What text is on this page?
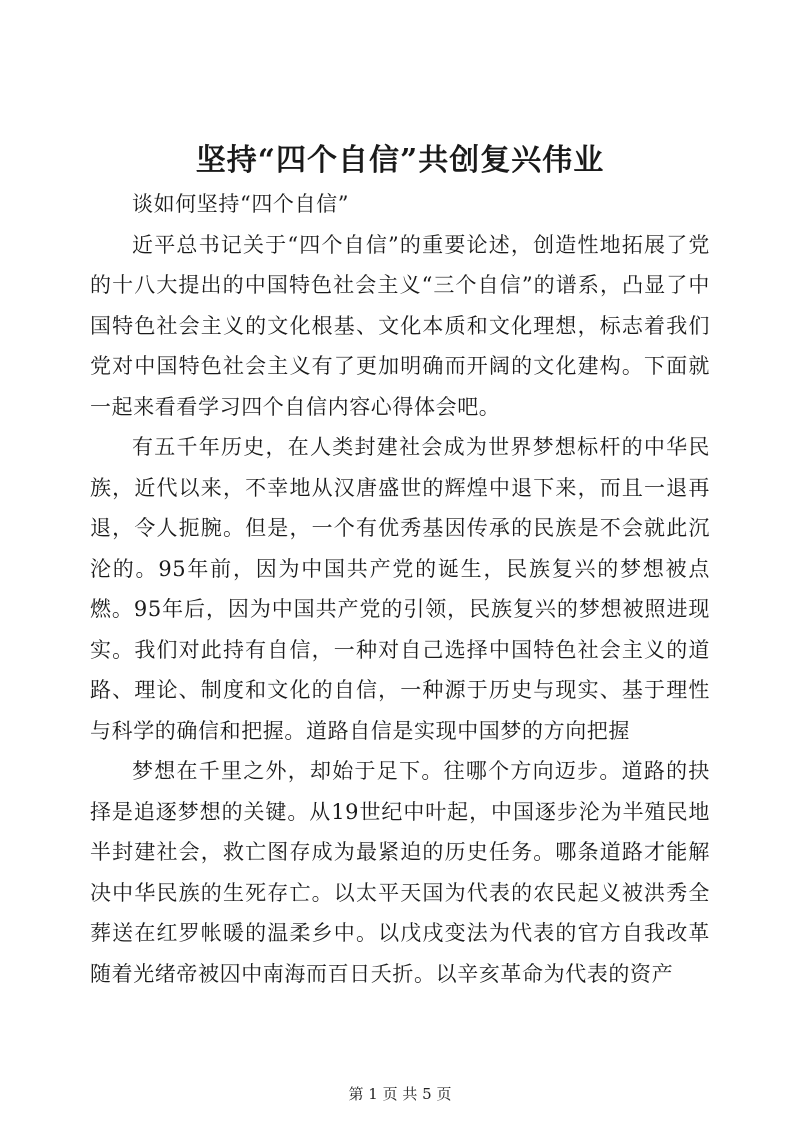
坚持“四个自信”共创复兴伟业

谈如何坚持“四个自信”

近平总书记关于“四个自信”的重要论述，创造性地拓展了党的十八大提出的中国特色社会主义“三个自信”的谱系，凸显了中国特色社会主义的文化根基、文化本质和文化理想，标志着我们党对中国特色社会主义有了更加明确而开阔的文化建构。下面就一起来看看学习四个自信内容心得体会吧。

有五千年历史，在人类封建社会成为世界梦想标杆的中华民族，近代以来，不幸地从汉唐盛世的辉煌中退下来，而且一退再退，令人扼腕。但是，一个有优秀基因传承的民族是不会就此沉沦的。95年前，因为中国共产党的诞生，民族复兴的梦想被点燃。95年后，因为中国共产党的引领，民族复兴的梦想被照进现实。我们对此持有自信，一种对自己选择中国特色社会主义的道路、理论、制度和文化的自信，一种源于历史与现实、基于理性与科学的确信和把握。道路自信是实现中国梦的方向把握

梦想在千里之外，却始于足下。往哪个方向迈步。道路的抉择是追逐梦想的关键。从19世纪中叶起，中国逐步沦为半殖民地半封建社会，救亡图存成为最紧迫的历史任务。哪条道路才能解决中华民族的生死存亡。以太平天国为代表的农民起义被洪秀全葬送在红罗帐暖的温柔乡中。以戊戌变法为代表的官方自我改革随着光绪帝被囚中南海而百日夭折。以辛亥革命为代表的资产

第 1 页 共 5 页
